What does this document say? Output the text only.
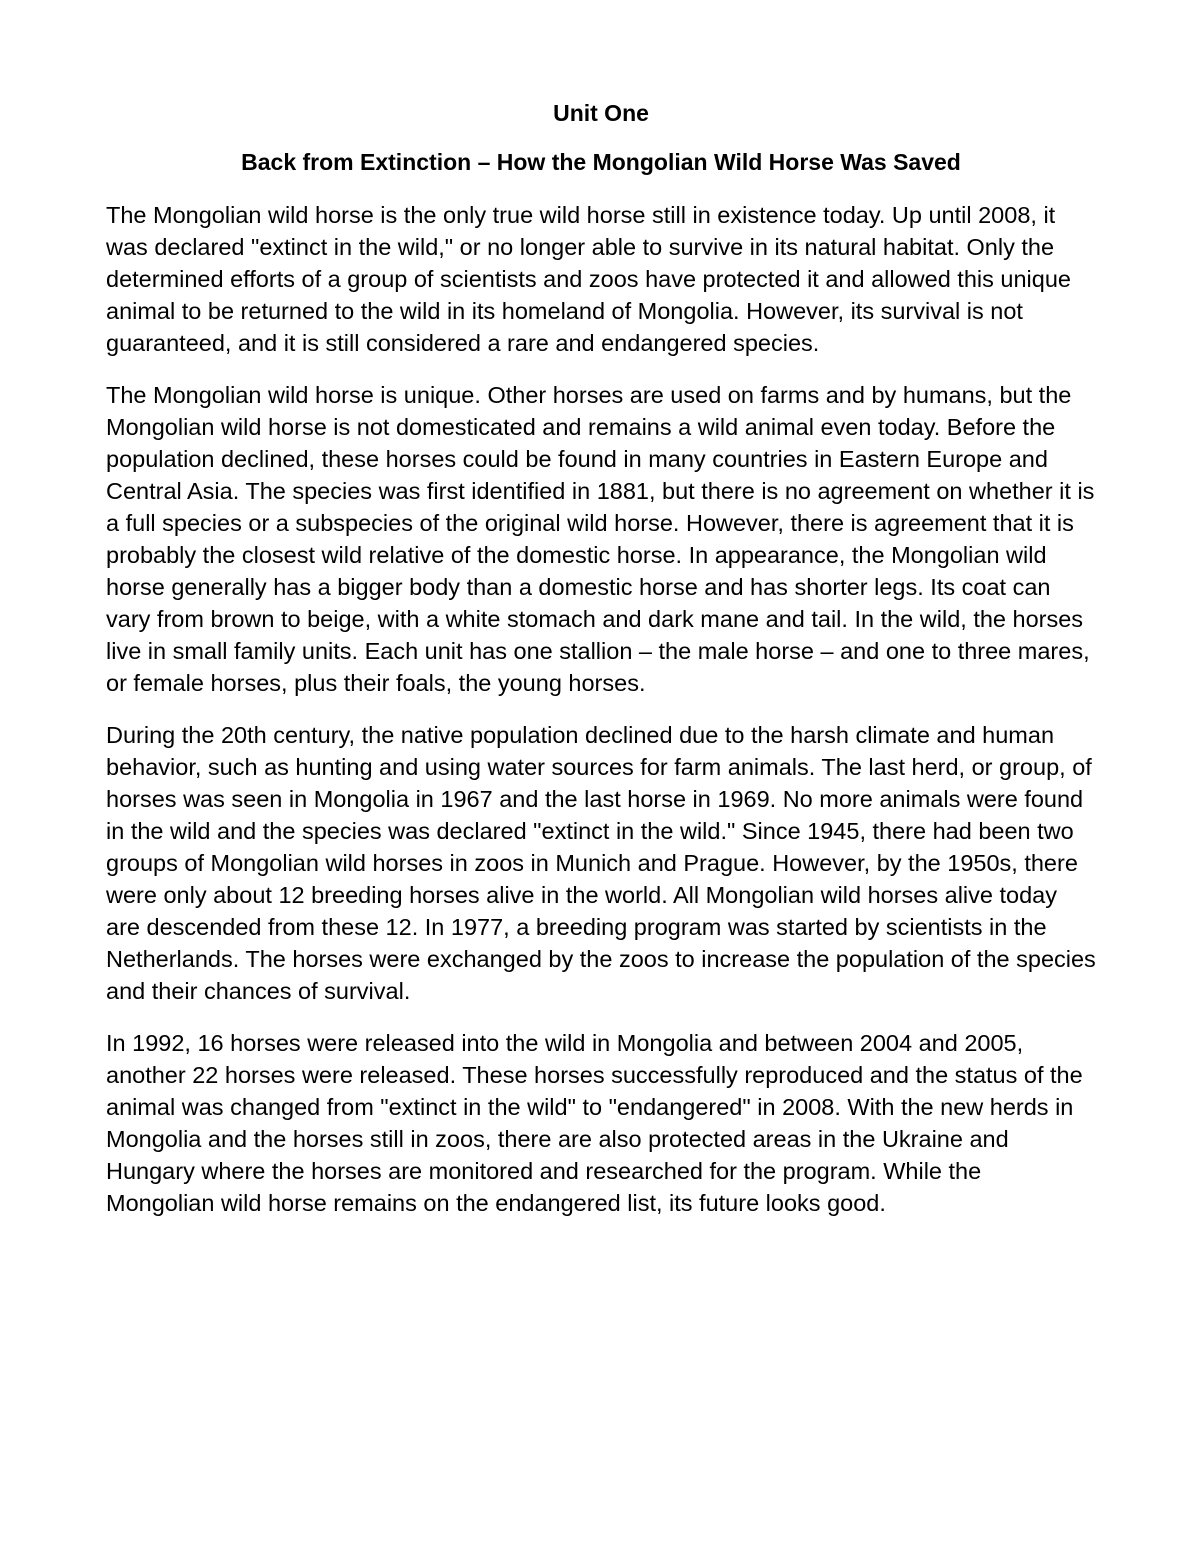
Unit One
Back from Extinction – How the Mongolian Wild Horse Was Saved

The Mongolian wild horse is the only true wild horse still in existence today. Up until 2008, it was declared "extinct in the wild," or no longer able to survive in its natural habitat. Only the determined efforts of a group of scientists and zoos have protected it and allowed this unique animal to be returned to the wild in its homeland of Mongolia. However, its survival is not guaranteed, and it is still considered a rare and endangered species.

The Mongolian wild horse is unique. Other horses are used on farms and by humans, but the Mongolian wild horse is not domesticated and remains a wild animal even today. Before the population declined, these horses could be found in many countries in Eastern Europe and Central Asia. The species was first identified in 1881, but there is no agreement on whether it is a full species or a subspecies of the original wild horse. However, there is agreement that it is probably the closest wild relative of the domestic horse. In appearance, the Mongolian wild horse generally has a bigger body than a domestic horse and has shorter legs. Its coat can vary from brown to beige, with a white stomach and dark mane and tail. In the wild, the horses live in small family units. Each unit has one stallion – the male horse – and one to three mares, or female horses, plus their foals, the young horses.

During the 20th century, the native population declined due to the harsh climate and human behavior, such as hunting and using water sources for farm animals. The last herd, or group, of horses was seen in Mongolia in 1967 and the last horse in 1969. No more animals were found in the wild and the species was declared "extinct in the wild." Since 1945, there had been two groups of Mongolian wild horses in zoos in Munich and Prague. However, by the 1950s, there were only about 12 breeding horses alive in the world. All Mongolian wild horses alive today are descended from these 12. In 1977, a breeding program was started by scientists in the Netherlands. The horses were exchanged by the zoos to increase the population of the species and their chances of survival.

In 1992, 16 horses were released into the wild in Mongolia and between 2004 and 2005, another 22 horses were released. These horses successfully reproduced and the status of the animal was changed from "extinct in the wild" to "endangered" in 2008. With the new herds in Mongolia and the horses still in zoos, there are also protected areas in the Ukraine and Hungary where the horses are monitored and researched for the program. While the Mongolian wild horse remains on the endangered list, its future looks good.
